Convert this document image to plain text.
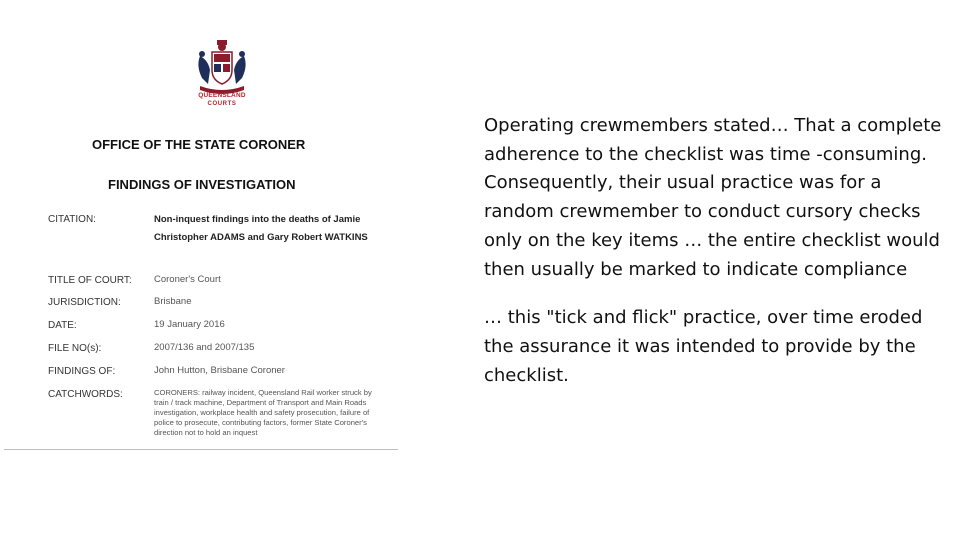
QUEENSLAND
COURTS
OFFICE OF THE STATE CORONER
FINDINGS OF INVESTIGATION
CITATION:	Non-inquest findings into the deaths of Jamie Christopher ADAMS and Gary Robert WATKINS
TITLE OF COURT: Coroner's Court
JURISDICTION:	Brisbane
DATE:	19 January 2016
FILE NO(s):	2007/136 and 2007/135
FINDINGS OF:	John Hutton, Brisbane Coroner
CATCHWORDS:	CORONERS: railway incident, Queensland Rail worker struck by train / track machine, Department of Transport and Main Roads investigation, workplace health and safety prosecution, failure of police to prosecute, contributing factors, former State Coroner's direction not to hold an inquest

Operating crewmembers stated… That a complete adherence to the checklist was time -consuming. Consequently, their usual practice was for a random crewmember to conduct cursory checks only on the key items … the entire checklist would then usually be marked to indicate compliance

… this "tick and flick" practice, over time eroded the assurance it was intended to provide by the checklist.
